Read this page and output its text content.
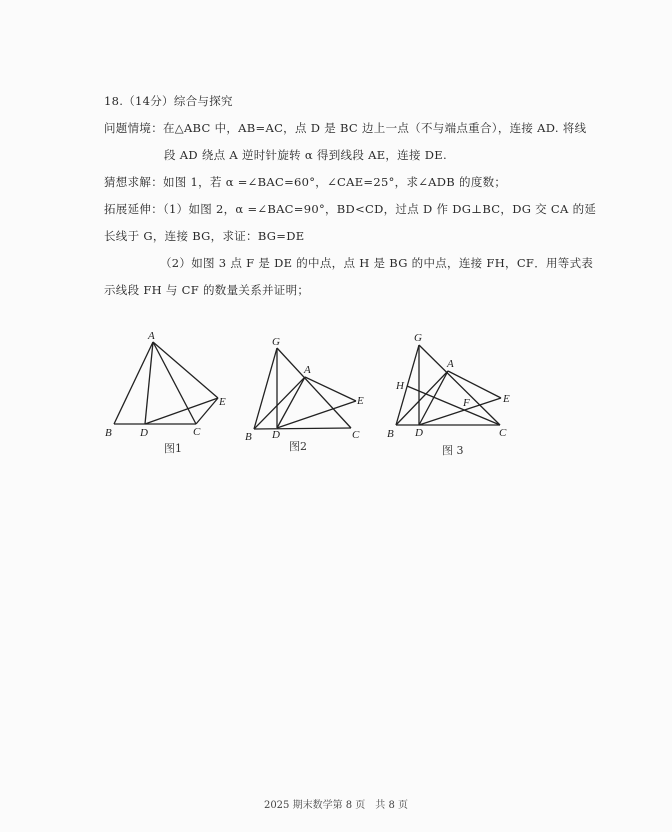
18.（14分）综合与探究
问题情境：在△ABC 中，AB=AC，点 D 是 BC 边上一点（不与端点重合），连接 AD. 将线
段 AD 绕点 A 逆时针旋转 α 得到线段 AE，连接 DE.
猜想求解：如图 1，若 α =∠BAC=60°，∠CAE=25°，求∠ADB 的度数；
拓展延伸：（1）如图 2，α =∠BAC=90°，BD<CD，过点 D 作 DG⊥BC，DG 交 CA 的延
长线于 G，连接 BG，求证：BG=DE
（2）如图 3 点 F 是 DE 的中点，点 H 是 BG 的中点，连接 FH，CF．用等式表
示线段 FH 与 CF 的数量关系并证明；
A
B	D	C
E
图1
G
A
E
B D	C
图2
G
A
H
E
F
B D	C
图 3
2025 期末数学第 8 页　共 8 页
